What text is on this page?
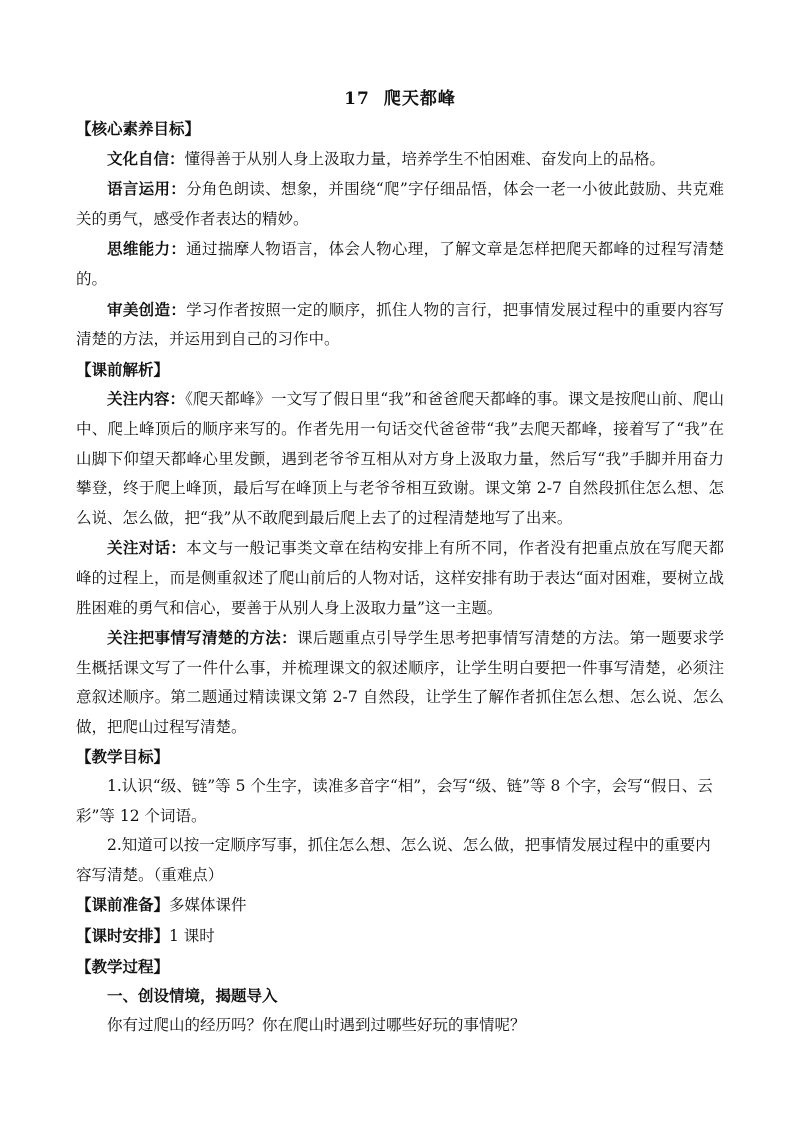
17 爬天都峰

【核心素养目标】

文化自信：懂得善于从别人身上汲取力量，培养学生不怕困难、奋发向上的品格。

语言运用：分角色朗读、想象，并围绕“爬”字仔细品悟，体会一老一小彼此鼓励、共克难关的勇气，感受作者表达的精妙。

思维能力：通过揣摩人物语言，体会人物心理，了解文章是怎样把爬天都峰的过程写清楚的。

审美创造：学习作者按照一定的顺序，抓住人物的言行，把事情发展过程中的重要内容写清楚的方法，并运用到自己的习作中。

【课前解析】

关注内容：《爬天都峰》一文写了假日里“我”和爸爸爬天都峰的事。课文是按爬山前、爬山中、爬上峰顶后的顺序来写的。作者先用一句话交代爸爸带“我”去爬天都峰，接着写了“我”在山脚下仰望天都峰心里发颤，遇到老爷爷互相从对方身上汲取力量，然后写“我”手脚并用奋力攀登，终于爬上峰顶，最后写在峰顶上与老爷爷相互致谢。课文第 2-7 自然段抓住怎么想、怎么说、怎么做，把“我”从不敢爬到最后爬上去了的过程清楚地写了出来。

关注对话：本文与一般记事类文章在结构安排上有所不同，作者没有把重点放在写爬天都峰的过程上，而是侧重叙述了爬山前后的人物对话，这样安排有助于表达“面对困难，要树立战胜困难的勇气和信心，要善于从别人身上汲取力量”这一主题。

关注把事情写清楚的方法：课后题重点引导学生思考把事情写清楚的方法。第一题要求学生概括课文写了一件什么事，并梳理课文的叙述顺序，让学生明白要把一件事写清楚，必须注意叙述顺序。第二题通过精读课文第 2-7 自然段，让学生了解作者抓住怎么想、怎么说、怎么做，把爬山过程写清楚。

【教学目标】

1.认识“级、链”等 5 个生字，读准多音字“相”，会写“级、链”等 8 个字，会写“假日、云彩”等 12 个词语。

2.知道可以按一定顺序写事，抓住怎么想、怎么说、怎么做，把事情发展过程中的重要内容写清楚。（重难点）

【课前准备】多媒体课件

【课时安排】1 课时

【教学过程】

一、创设情境，揭题导入

你有过爬山的经历吗？你在爬山时遇到过哪些好玩的事情呢？
